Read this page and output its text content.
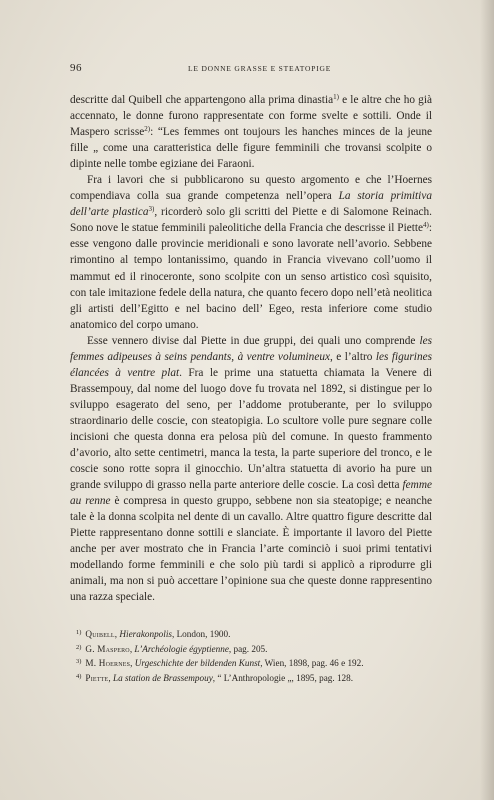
96	LE DONNE GRASSE E STEATOPIGE

descritte dal Quibell che appartengono alla prima dinastia$^{1)}$ e le altre che ho già accennato, le donne furono rappresentate con forme svelte e sottili. Onde il Maspero scrisse$^{2)}$: “Les femmes ont toujours les hanches minces de la jeune fille „ come una caratteristica delle figure femminili che trovansi scolpite o dipinte nelle tombe egiziane dei Faraoni.

Fra i lavori che si pubblicarono su questo argomento e che l’Hoernes compendiava colla sua grande competenza nell’opera La storia primitiva dell’arte plastica$^{3)}$, ricorderò solo gli scritti del Piette e di Salomone Reinach. Sono nove le statue femminili paleolitiche della Francia che descrisse il Piette$^{4)}$: esse vengono dalle provincie meridionali e sono lavorate nell’avorio. Sebbene rimontino al tempo lontanissimo, quando in Francia vivevano coll’uomo il mammut ed il rinoceronte, sono scolpite con un senso artistico così squisito, con tale imitazione fedele della natura, che quanto fecero dopo nell’età neolitica gli artisti dell’Egitto e nel bacino dell’ Egeo, resta inferiore come studio anatomico del corpo umano.

Esse vennero divise dal Piette in due gruppi, dei quali uno comprende les femmes adipeuses à seins pendants, à ventre volumineux, e l’altro les figurines élancées à ventre plat. Fra le prime una statuetta chiamata la Venere di Brassempouy, dal nome del luogo dove fu trovata nel 1892, si distingue per lo sviluppo esagerato del seno, per l’addome protuberante, per lo sviluppo straordinario delle coscie, con steatopigia. Lo scultore volle pure segnare colle incisioni che questa donna era pelosa più del comune. In questo frammento d’avorio, alto sette centimetri, manca la testa, la parte superiore del tronco, e le coscie sono rotte sopra il ginocchio. Un’altra statuetta di avorio ha pure un grande sviluppo di grasso nella parte anteriore delle coscie. La così detta femme au renne è compresa in questo gruppo, sebbene non sia steatopige; e neanche tale è la donna scolpita nel dente di un cavallo. Altre quattro figure descritte dal Piette rappresentano donne sottili e slanciate. È importante il lavoro del Piette anche per aver mostrato che in Francia l’arte cominciò i suoi primi tentativi modellando forme femminili e che solo più tardi si applicò a riprodurre gli animali, ma non si può accettare l’opinione sua che queste donne rappresentino una razza speciale.

$^{1)}$ Quibell, Hierakonpolis, London, 1900.
$^{2)}$ G. Maspero, L’Archéologie égyptienne, pag. 205.
$^{3)}$ M. Hoernes, Urgeschichte der bildenden Kunst, Wien, 1898, pag. 46 e 192.
$^{4)}$ Piette, La station de Brassempouy, “ L’Anthropologie „, 1895, pag. 128.
